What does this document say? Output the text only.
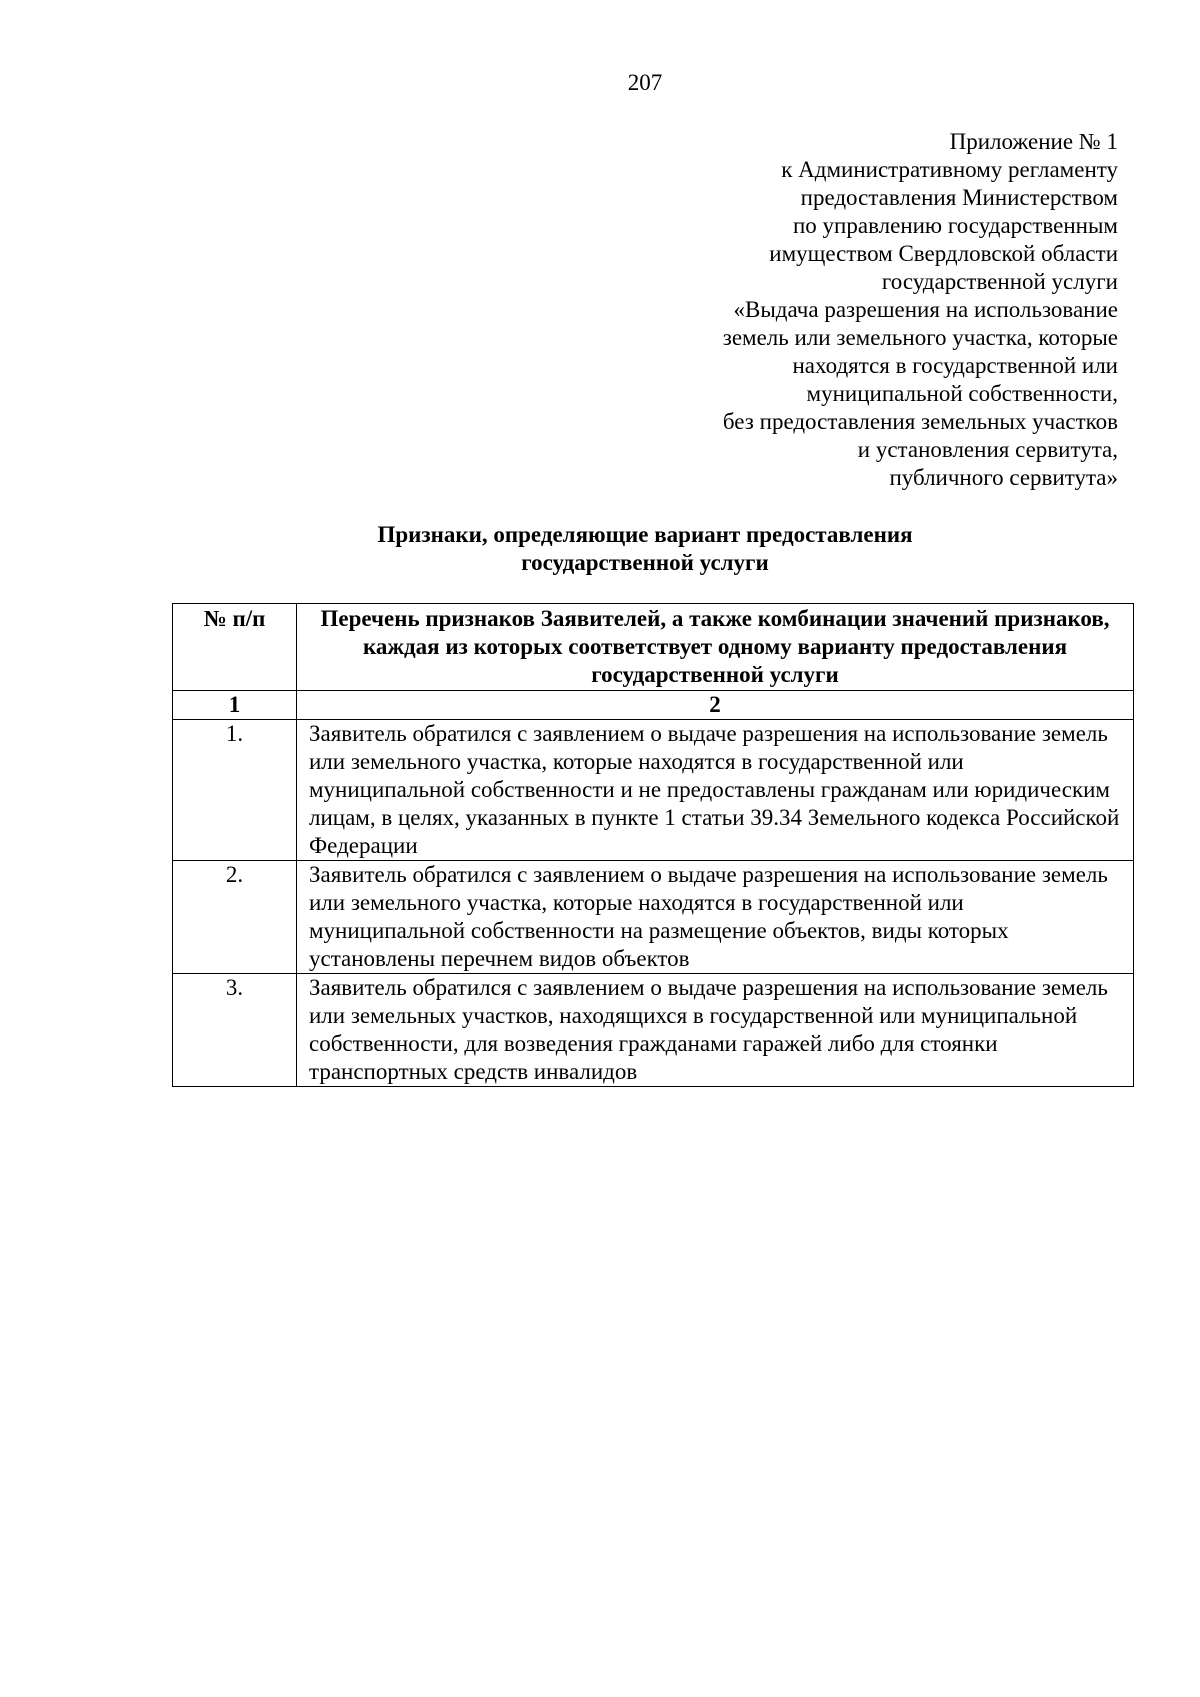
207
Приложение № 1
к Административному регламенту
предоставления Министерством
по управлению государственным
имуществом Свердловской области
государственной услуги
«Выдача разрешения на использование
земель или земельного участка, которые
находятся в государственной или
муниципальной собственности,
без предоставления земельных участков
и установления сервитута,
публичного сервитута»
Признаки, определяющие вариант предоставления
государственной услуги
№ п/п	Перечень признаков Заявителей, а также комбинации значений признаков, каждая из которых соответствует одному варианту предоставления государственной услуги
1	2
1.	Заявитель обратился с заявлением о выдаче разрешения на использование земель или земельного участка, которые находятся в государственной или муниципальной собственности и не предоставлены гражданам или юридическим лицам, в целях, указанных в пункте 1 статьи 39.34 Земельного кодекса Российской Федерации
2.	Заявитель обратился с заявлением о выдаче разрешения на использование земель или земельного участка, которые находятся в государственной или муниципальной собственности на размещение объектов, виды которых установлены перечнем видов объектов
3.	Заявитель обратился с заявлением о выдаче разрешения на использование земель или земельных участков, находящихся в государственной или муниципальной собственности, для возведения гражданами гаражей либо для стоянки транспортных средств инвалидов
